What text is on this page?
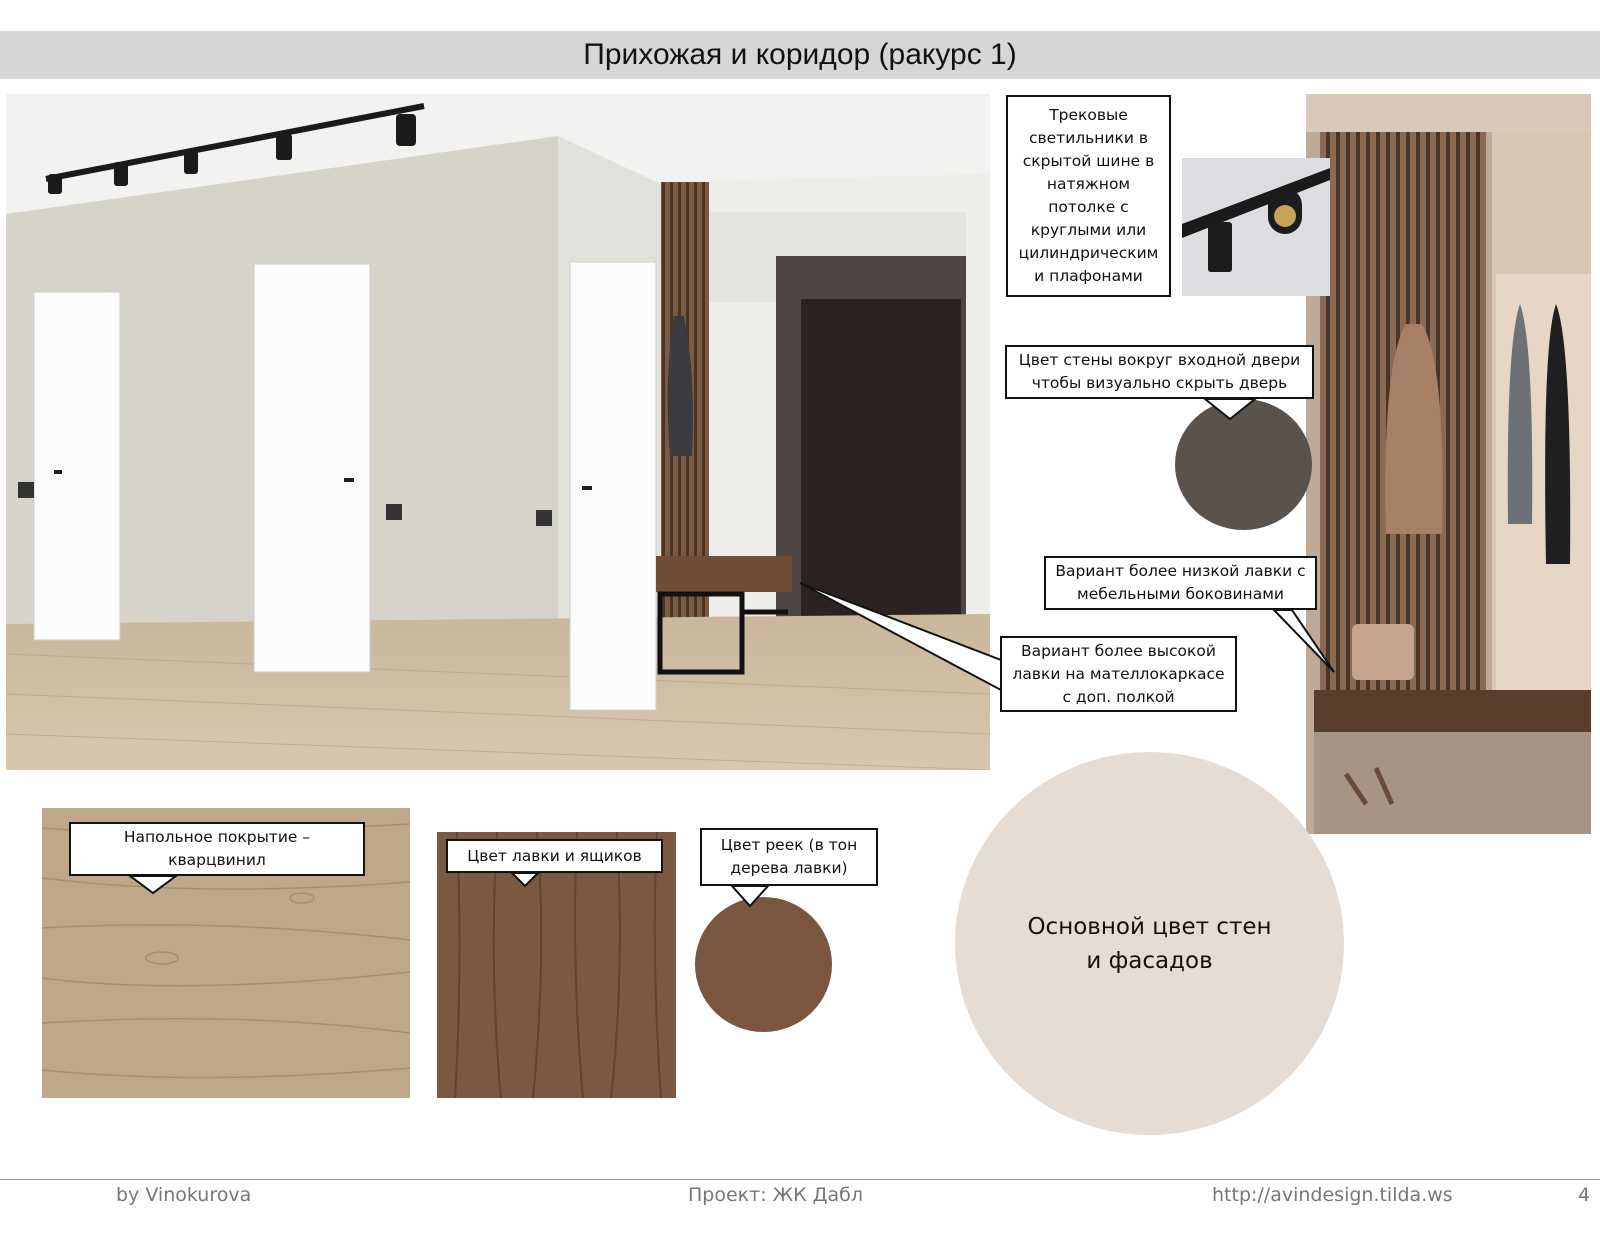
Прихожая и коридор (ракурс 1)
Трековые
светильники в
скрытой шине в
натяжном
потолке с
круглыми или
цилиндрическим
и плафонами
Цвет стены вокруг входной двери
чтобы визуально скрыть дверь
Вариант более низкой лавки с
мебельными боковинами
Вариант более высокой
лавки на мателлокаркасе
с доп. полкой
Напольное покрытие –
кварцвинил	Цвет лавки и ящиков
Цвет реек (в тон
дерева лавки)
Основной цвет стен
и фасадов
by Vinokurova	Проект: ЖК Дабл	http://avindesign.tilda.ws	4
